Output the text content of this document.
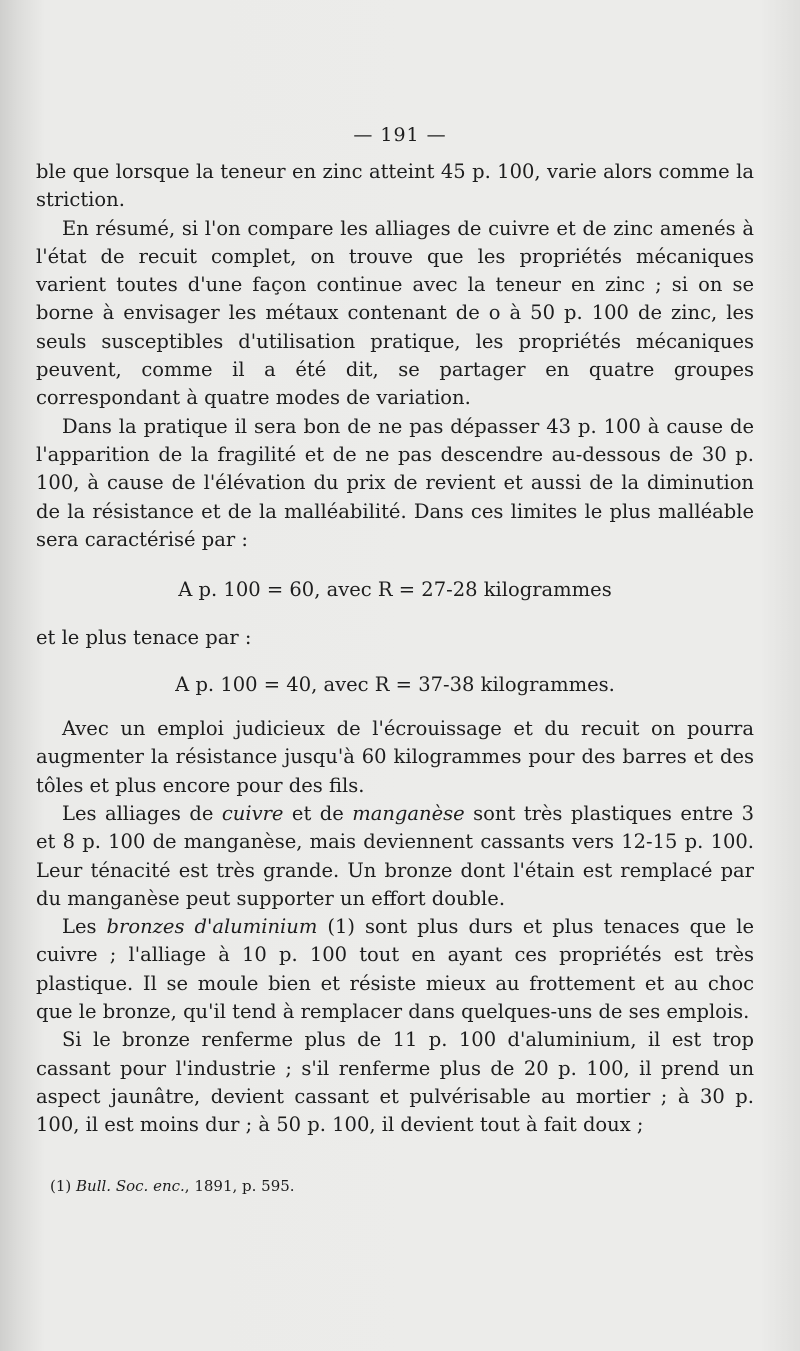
— 191 —

ble que lorsque la teneur en zinc atteint 45 p. 100, varie alors comme la striction.

En résumé, si l'on compare les alliages de cuivre et de zinc amenés à l'état de recuit complet, on trouve que les propriétés mécaniques varient toutes d'une façon continue avec la teneur en zinc ; si on se borne à envisager les métaux contenant de o à 50 p. 100 de zinc, les seuls susceptibles d'utilisation pratique, les propriétés mécaniques peuvent, comme il a été dit, se partager en quatre groupes correspondant à quatre modes de variation.

Dans la pratique il sera bon de ne pas dépasser 43 p. 100 à cause de l'apparition de la fragilité et de ne pas descendre au-dessous de 30 p. 100, à cause de l'élévation du prix de revient et aussi de la diminution de la résistance et de la malléabilité. Dans ces limites le plus malléable sera caractérisé par :

A p. 100 = 60, avec R = 27-28 kilogrammes

et le plus tenace par :

A p. 100 = 40, avec R = 37-38 kilogrammes.

Avec un emploi judicieux de l'écrouissage et du recuit on pourra augmenter la résistance jusqu'à 60 kilogrammes pour des barres et des tôles et plus encore pour des fils.

Les alliages de cuivre et de manganèse sont très plastiques entre 3 et 8 p. 100 de manganèse, mais deviennent cassants vers 12-15 p. 100. Leur ténacité est très grande. Un bronze dont l'étain est remplacé par du manganèse peut supporter un effort double.

Les bronzes d'aluminium (1) sont plus durs et plus tenaces que le cuivre ; l'alliage à 10 p. 100 tout en ayant ces propriétés est très plastique. Il se moule bien et résiste mieux au frottement et au choc que le bronze, qu'il tend à remplacer dans quelques-uns de ses emplois.

Si le bronze renferme plus de 11 p. 100 d'aluminium, il est trop cassant pour l'industrie ; s'il renferme plus de 20 p. 100, il prend un aspect jaunâtre, devient cassant et pulvérisable au mortier ; à 30 p. 100, il est moins dur ; à 50 p. 100, il devient tout à fait doux ;

(1) Bull. Soc. enc., 1891, p. 595.
